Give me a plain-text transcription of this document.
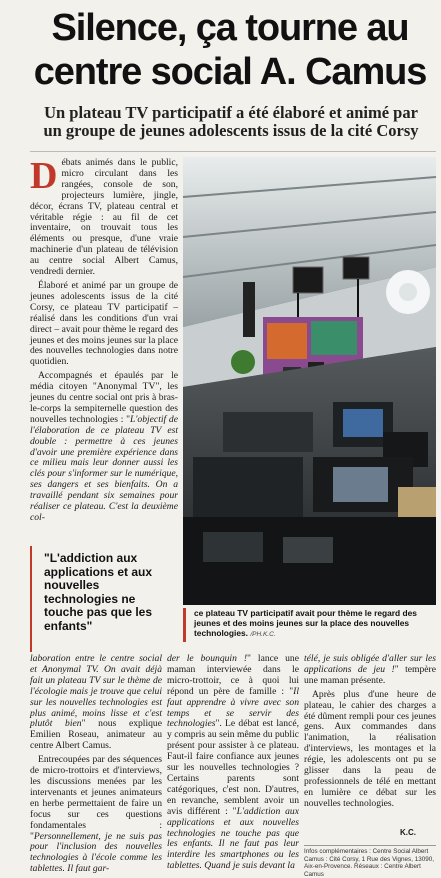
Silence, ça tourne au
centre social A. Camus
Un plateau TV participatif a été élaboré et animé par
un groupe de jeunes adolescents issus de la cité Corsy

Débats animés dans le public, micro circulant dans les rangées, console de son, projecteurs lumière, jingle, décor, écrans TV, plateau central et véritable régie : au fil de cet inventaire, on trouvait tous les éléments ou presque, d'une vraie machinerie d'un plateau de télévision au centre social Albert Camus, vendredi dernier.

Élaboré et animé par un groupe de jeunes adolescents issus de la cité Corsy, ce plateau TV participatif – réalisé dans les conditions d'un vrai direct – avait pour thème le regard des jeunes et des moins jeunes sur la place des nouvelles technologies dans notre quotidien.

Accompagnés et épaulés par le média citoyen "Anonymal TV", les jeunes du centre social ont pris à bras-le-corps la sempiternelle question des nouvelles technologies : "L'objectif de l'élaboration de ce plateau TV est double : permettre à ces jeunes d'avoir une première expérience dans ce milieu mais leur donner aussi les clés pour s'informer sur le numérique, ses dangers et ses bienfaits. On a travaillé pendant six semaines pour réaliser ce plateau. C'est la deuxième col-

"L'addiction aux applications et aux nouvelles technologies ne touche pas que les enfants"
ce plateau TV participatif avait pour thème le regard des jeunes et des moins jeunes sur la place des nouvelles technologies. /PH.K.C.

laboration entre le centre social et Anonymal TV. On avait déjà fait un plateau TV sur le thème de l'écologie mais je trouve que celui sur les nouvelles technologies est plus animé, moins lisse et c'est plutôt bien" nous explique Emilien Roseau, animateur au centre Albert Camus.

Entrecoupées par des séquences de micro-trottoirs et d'interviews, les discussions menées par les intervenants et jeunes animateurs en herbe permettaient de faire un focus sur ces questions fondamentales : "Personnellement, je ne suis pas pour l'inclusion des nouvelles technologies à l'école comme les tablettes. Il faut gar-

der le bounquin !" lance une maman interviewée dans le micro-trottoir, ce à quoi lui répond un père de famille : "Il faut apprendre à vivre avec son temps et se servir des technologies". Le débat est lancé, y compris au sein même du public présent pour assister à ce plateau. Faut-il faire confiance aux jeunes sur les nouvelles technologies ? Certains parents sont catégoriques, c'est non. D'autres, en revanche, semblent avoir un avis différent : "L'addiction aux applications et aux nouvelles technologies ne touche pas que les enfants. Il ne faut pas leur interdire les smartphones ou les tablettes. Quand je suis devant la

télé, je suis obligée d'aller sur les applications de jeu !" tempère une maman présente.

Après plus d'une heure de plateau, le cahier des charges a été dûment rempli pour ces jeunes gens. Aux commandes dans l'animation, la réalisation d'interviews, les montages et la régie, les adolescents ont pu se glisser dans la peau de professionnels de télé en mettant en lumière ce débat sur les nouvelles technologies.

K.C.
Infos complémentaires : Centre Social Albert Camus : Cité Corsy, 1 Rue des Vignes, 13090, Aix-en-Provence. Réseaux : Centre Albert Camus
